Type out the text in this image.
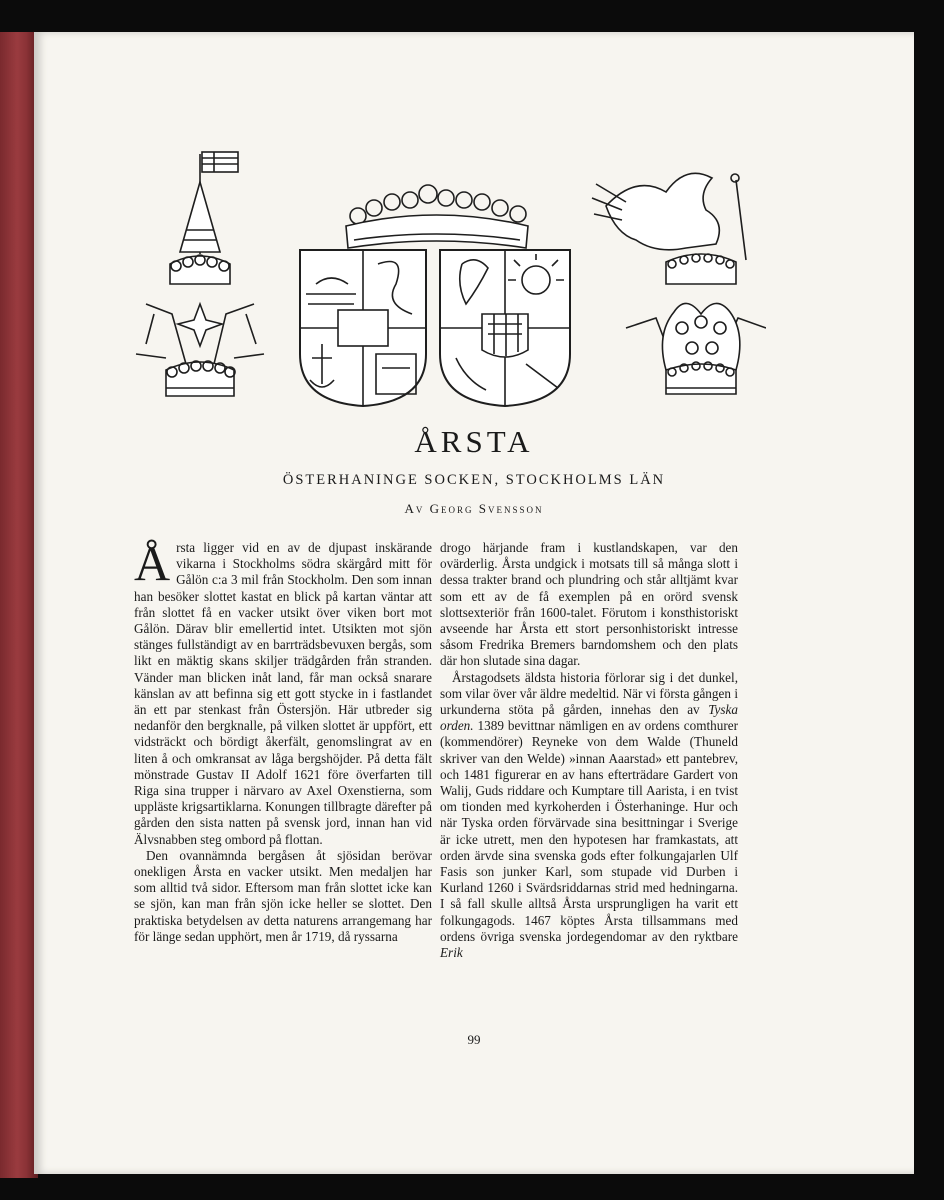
ÅRSTA

ÖSTERHANINGE SOCKEN, STOCKHOLMS LÄN

Av Georg Svensson

Årsta ligger vid en av de djupast inskärande vikarna i Stockholms södra skärgård mitt för Gålön c:a 3 mil från Stockholm. Den som innan han besöker slottet kastat en blick på kartan väntar att från slottet få en vacker utsikt över viken bort mot Gålön. Därav blir emellertid intet. Utsikten mot sjön stänges fullständigt av en barrträdsbevuxen bergås, som likt en mäktig skans skiljer trädgården från stranden. Vänder man blicken inåt land, får man också snarare känslan av att befinna sig ett gott stycke in i fastlandet än ett par stenkast från Östersjön. Här utbreder sig nedanför den bergknalle, på vilken slottet är uppfört, ett vidsträckt och bördigt åkerfält, genomslingrat av en liten å och omkransat av låga bergshöjder. På detta fält mönstrade Gustav II Adolf 1621 före överfarten till Riga sina trupper i närvaro av Axel Oxenstierna, som uppläste krigsartiklarna. Konungen tillbragte därefter på gården den sista natten på svensk jord, innan han vid Älvsnabben steg ombord på flottan.

Den ovannämnda bergåsen åt sjösidan berövar onekligen Årsta en vacker utsikt. Men medaljen har som alltid två sidor. Eftersom man från slottet icke kan se sjön, kan man från sjön icke heller se slottet. Den praktiska betydelsen av detta naturens arrangemang har för länge sedan upphört, men år 1719, då ryssarna

drogo härjande fram i kustlandskapen, var den ovärderlig. Årsta undgick i motsats till så många slott i dessa trakter brand och plundring och står alltjämt kvar som ett av de få exemplen på en orörd svensk slottsexteriör från 1600-talet. Förutom i konsthistoriskt avseende har Årsta ett stort personhistoriskt intresse såsom Fredrika Bremers barndomshem och den plats där hon slutade sina dagar.

Årstagodsets äldsta historia förlorar sig i det dunkel, som vilar över vår äldre medeltid. När vi första gången i urkunderna stöta på gården, innehas den av Tyska orden. 1389 bevittnar nämligen en av ordens comthurer (kommendörer) Reyneke von dem Walde (Thuneld skriver van den Welde) »innan Aaarstad» ett pantebrev, och 1481 figurerar en av hans efterträdare Gardert von Walij, Guds riddare och Kumptare till Aarista, i en tvist om tionden med kyrkoherden i Österhaninge. Hur och när Tyska orden förvärvade sina besittningar i Sverige är icke utrett, men den hypotesen har framkastats, att orden ärvde sina svenska gods efter folkungajarlen Ulf Fasis son junker Karl, som stupade vid Durben i Kurland 1260 i Svärdsriddarnas strid med hedningarna. I så fall skulle alltså Årsta ursprungligen ha varit ett folkungagods. 1467 köptes Årsta tillsammans med ordens övriga svenska jordegendomar av den ryktbare Erik

99
